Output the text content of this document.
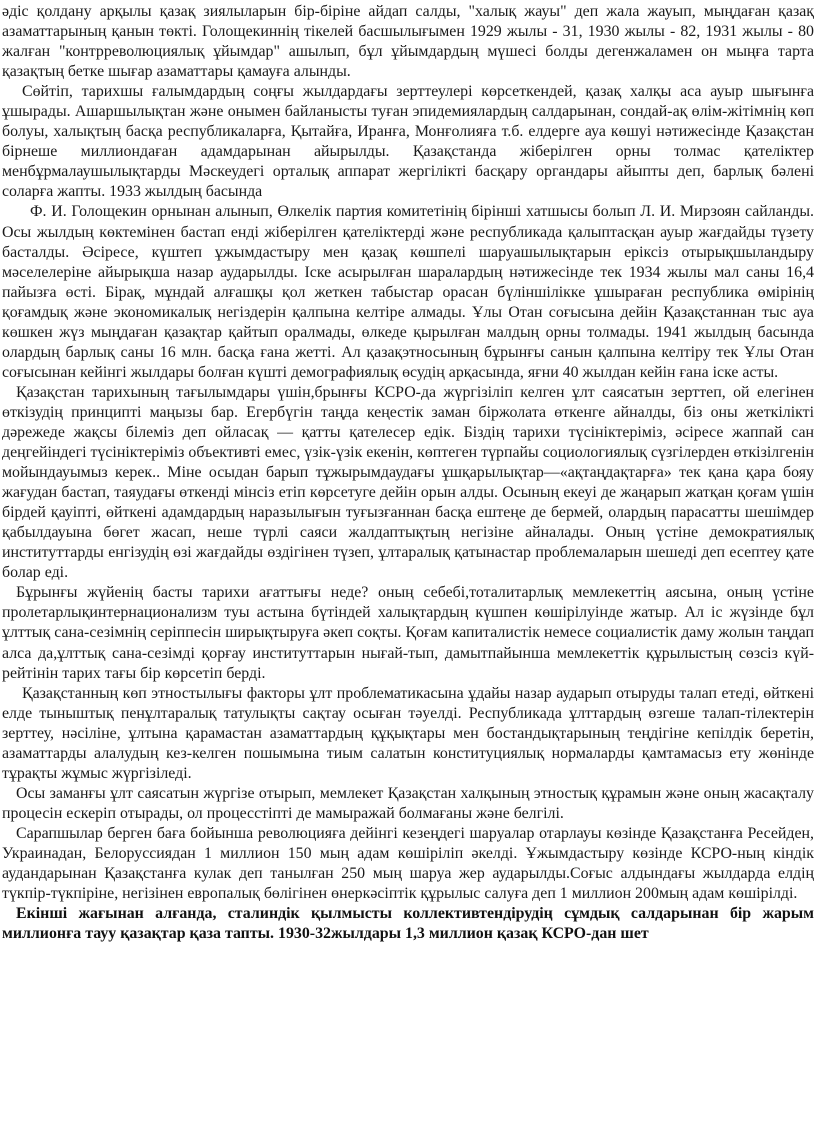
әдіс қолдану арқылы қазақ зиялыларын бір-біріне айдап салды, "халық жауы" деп жала жауып, мыңдаған қазақ азаматтарының қанын төкті. Голощекиннің тікелей басшылығымен 1929 жылы - 31, 1930 жылы - 82, 1931 жылы - 80 жалған "контрреволюциялық ұйымдар" ашылып, бұл ұйымдардың мүшесі болды дегенжаламен он мыңға тарта қазақтың бетке шығар азаматтары қамауға алынды.

Сөйтіп, тарихшы ғалымдардың соңғы жылдардағы зерттеулері көрсеткендей, қазақ халқы аса ауыр шығынға ұшырады. Ашаршылықтан және онымен байланысты туған эпидемиялардың салдарынан, сондай-ақ өлім-жітімнің көп болуы, халықтың басқа республикаларға, Қытайға, Иранға, Монғолияға т.б. елдерге ауа көшуі нәтижесінде Қазақстан бірнеше миллиондаған адамдарынан айырылды. Қазақстанда жіберілген орны толмас қателіктер менбұрмалаушылықтарды Мәскеудегі орталық аппарат жергілікті басқару органдары айыпты деп, барлық бәлені соларға жапты. 1933 жылдың басында

Ф. И. Голощекин орнынан алынып, Өлкелік партия комитетінің бірінші хатшысы болып Л. И. Мирзоян сайланды. Осы жылдың көктемінен бастап енді жіберілген қателіктерді және республикада қалыптасқан ауыр жағдайды түзету басталды. Әсіресе, күштеп ұжымдастыру мен қазақ көшпелі шаруашылықтарын еріксіз отырықшыландыру мәселелеріне айырықша назар аударылды. Іске асырылған шаралардың нәтижесінде тек 1934 жылы мал саны 16,4 пайызға өсті. Бірақ, мұндай алғашқы қол жеткен табыстар орасан бүліншілікке ұшыраған республика өмірінің қоғамдық және экономикалық негіздерін қалпына келтіре алмады. Ұлы Отан соғысына дейін Қазақстаннан тыс ауа көшкен жүз мыңдаған қазақтар қайтып оралмады, өлкеде қырылған малдың орны толмады. 1941 жылдың басында олардың барлық саны 16 млн. басқа ғана жетті. Ал қазақэтносының бұрынғы санын қалпына келтіру тек Ұлы Отан соғысынан кейінгі жылдары болған күшті демографиялық өсудің арқасында, яғни 40 жылдан кейін ғана іске асты.

Қазақстан тарихының тағылымдары үшін,брынғы КСРО-да жүргізіліп келген ұлт саясатын зерттеп, ой елегінен өткізудің принципті маңызы бар. Егербүгін таңда кеңестік заман біржолата өткенге айналды, біз оны жеткілікті дәрежеде жақсы білеміз деп ойласақ — қатты қателесер едік. Біздің тарихи түсініктеріміз, әсіресе жаппай сан деңгейіндегі түсініктеріміз объективті емес, үзік-үзік екенін, көптеген түрпайы социологиялық сүзгілерден өткізілгенін мойындауымыз керек.. Міне осыдан барып тұжырымдаудағы ұшқарылықтар—«ақтаңдақтарға» тек қана қара бояу жағудан бастап, таяудағы өткенді мінсіз етіп көрсетуге дейін орын алды. Осының екеуі де жаңарып жатқан қоғам үшін бірдей қауіпті, өйткені адамдардың наразылығын туғызғаннан басқа ештеңе де бермей, олардың парасатты шешімдер қабылдауына бөгет жасап, неше түрлі саяси жалдаптықтың негізіне айналады. Оның үстіне демократиялық институттарды енгізудің өзі жағдайды өздігінен түзеп, ұлтаралық қатынастар проблемаларын шешеді деп есептеу қате болар еді.

Бұрынғы жүйенің басты тарихи ағаттығы неде? оның себебі,тоталитарлық мемлекеттің аясына, оның үстіне пролетарлықинтернационализм туы астына бүтіндей халықтардың күшпен көшірілуінде жатыр. Ал іс жүзінде бұл ұлттық сана-сезімнің серіппесін ширықтыруға әкеп соқты. Қоғам капиталистік немесе социалистік даму жолын таңдап алса да,ұлттық сана-сезімді қорғау институттарын нығай-тып, дамытпайынша мемлекеттік құрылыстың сөзсіз күй-рейтінін тарих тағы бір көрсетіп берді.

Қазақстанның көп этностылығы факторы ұлт проблематикасына ұдайы назар аударып отыруды талап етеді, өйткені елде тыныштық пенұлтаралық татулықты сақтау осыған тәуелді. Республикада ұлттардың өзгеше талап-тілектерін зерттеу, нәсіліне, ұлтына қарамастан азаматтардың құқықтары мен бостандықтарының теңдігіне кепілдік беретін, азаматтарды алалудың кез-келген пошымына тиым салатын конституциялық нормаларды қамтамасыз ету жөнінде тұрақты жұмыс жүргізіледі.

Осы заманғы ұлт саясатын жүргізе отырып, мемлекет Қазақстан халқының этностық құрамын және оның жасақталу процесін ескеріп отырады, ол процесстіпті де мамыражай болмағаны және белгілі.

Сарапшылар берген баға бойынша революцияға дейінгі кезеңдегі шаруалар отарлауы көзінде Қазақстанға Ресейден, Украинадан, Белоруссиядан 1 миллион 150 мың адам көшіріліп әкелді. Ұжымдастыру көзінде КСРО-ның кіндік аудандарынан Қазақстанға кулак деп танылған 250 мың шаруа жер аударылды.Соғыс алдындағы жылдарда елдің түкпір-түкпіріне, негізінен европалық бөлігінен өнеркәсіптік құрылыс салуға деп 1 миллион 200мың адам көшірілді.

Екінші жағынан алғанда, сталиндік қылмысты коллективтендірудің сұмдық салдарынан бір жарым миллионға тауу қазақтар қаза тапты. 1930-32жылдары 1,3 миллион қазақ КСРО-дан шет
